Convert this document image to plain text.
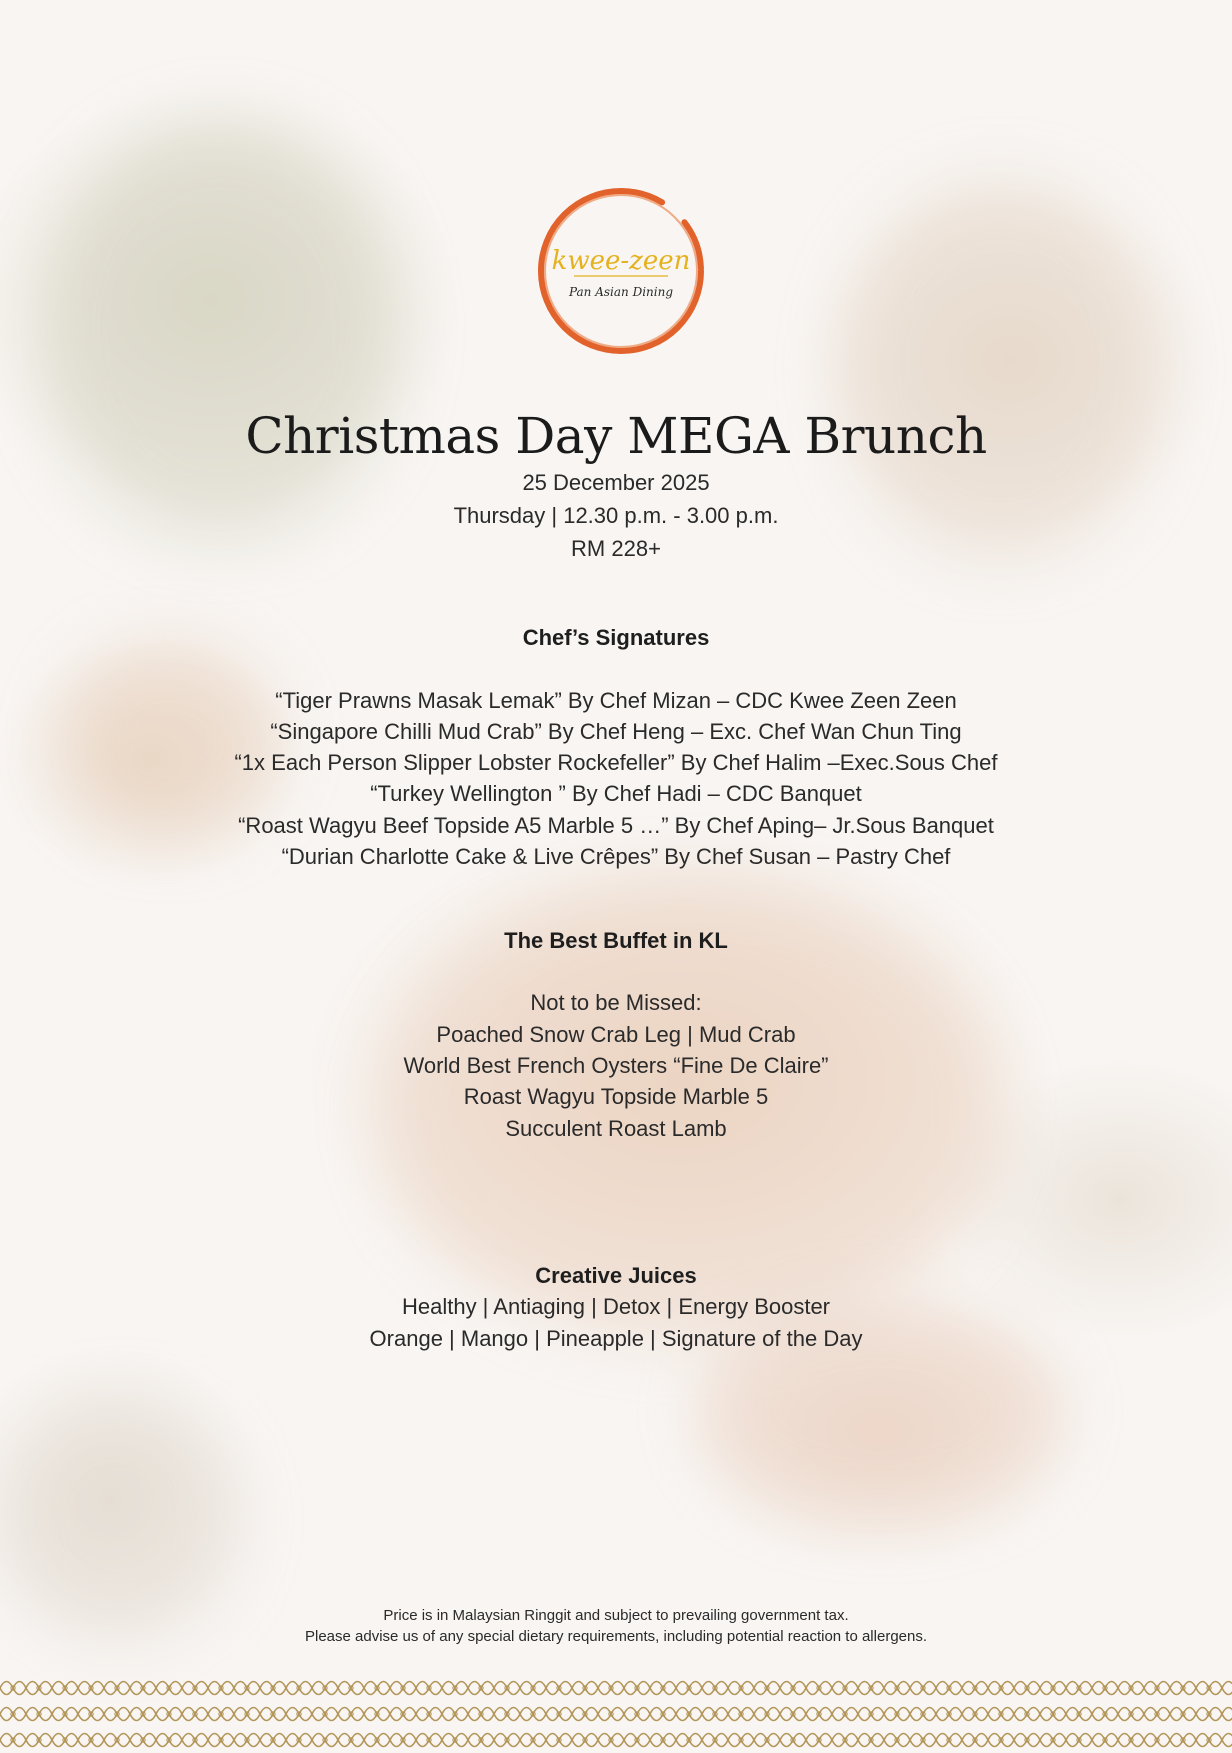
kwee-zeen
Pan Asian Dining
Christmas Day MEGA Brunch
25 December 2025
Thursday | 12.30 p.m. - 3.00 p.m.
RM 228+
Chef’s Signatures
“Tiger Prawns Masak Lemak” By Chef Mizan – CDC Kwee Zeen Zeen
“Singapore Chilli Mud Crab” By Chef Heng – Exc. Chef Wan Chun Ting
“1x Each Person Slipper Lobster Rockefeller” By Chef Halim –Exec.Sous Chef
“Turkey Wellington ” By Chef Hadi – CDC Banquet
“Roast Wagyu Beef Topside A5 Marble 5 …” By Chef Aping– Jr.Sous Banquet
“Durian Charlotte Cake & Live Crêpes” By Chef Susan – Pastry Chef
The Best Buffet in KL
Not to be Missed:
Poached Snow Crab Leg | Mud Crab
World Best French Oysters “Fine De Claire”
Roast Wagyu Topside Marble 5
Succulent Roast Lamb
Creative Juices
Healthy | Antiaging | Detox | Energy Booster
Orange | Mango | Pineapple | Signature of the Day
Price is in Malaysian Ringgit and subject to prevailing government tax.
Please advise us of any special dietary requirements, including potential reaction to allergens.
